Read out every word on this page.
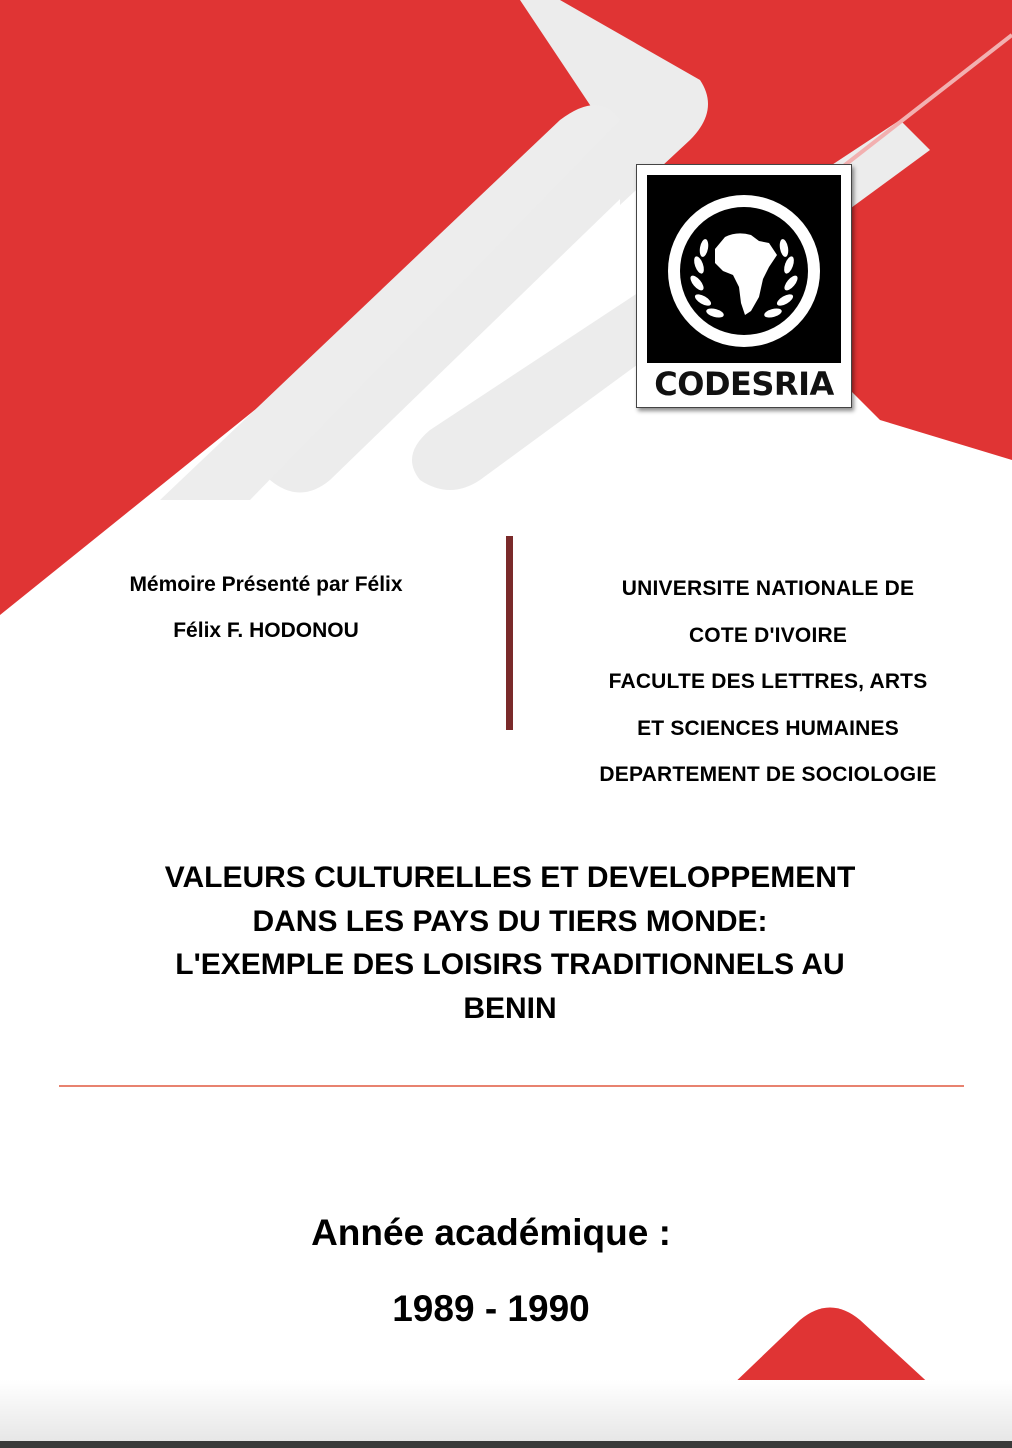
CODESRIA
Mémoire Présenté par Félix
Félix F. HODONOU
UNIVERSITE NATIONALE DE
COTE D'IVOIRE
FACULTE DES LETTRES, ARTS
ET SCIENCES HUMAINES
DEPARTEMENT DE SOCIOLOGIE
VALEURS CULTURELLES ET DEVELOPPEMENT
DANS LES PAYS DU TIERS MONDE:
L'EXEMPLE DES LOISIRS TRADITIONNELS AU
BENIN
Année académique :
1989 - 1990
